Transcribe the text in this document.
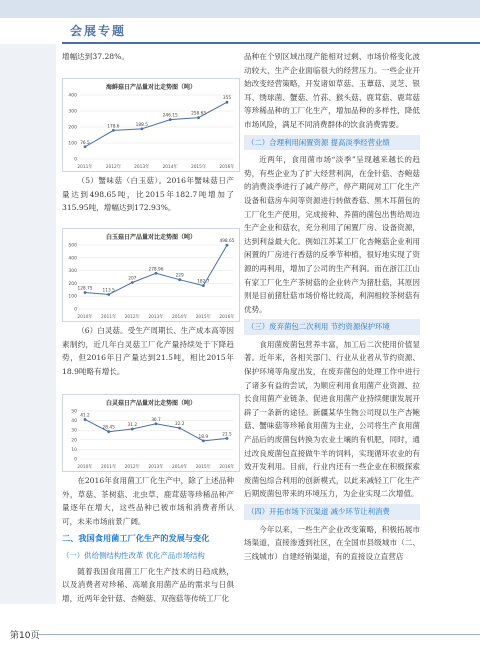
会展专题

增幅达到37.28%。

海鲜菇日产品量对比走势图（吨）
0
100
200
300
400
76.5
2011年
178.6
2012年
188.5
2013年
246.15
2014年
258.65
2015年
355
2016年

（5）蟹味菇（白玉菇）。2016年蟹味菇日产量达到498.65吨，比2015年182.7吨增加了315.95吨，增幅达到172.93%。

白玉菇日产品量对比走势图（吨）
0
100
200
300
400
500
128.75
2010年
113.5
2011年
207
2012年
278.96
2013年
229
2014年
182.7
2015年
498.65
2016年

（6）白灵菇。受生产周期长、生产成本高等因素制约，近几年白灵菇工厂化产量持续处于下降趋势，但2016年日产量达到21.5吨，相比2015年18.9吨略有增长。

白灵菇日产品量对比走势图（吨）
0
10
20
30
40
50
41.2
2010年
28.45
2011年
31.2
2012年
36.7
2013年
32.2
2014年
18.9
2015年
21.5
2016年

在2016年食用菌工厂化生产中，除了上述品种外，草菇、茶树菇、北虫草、鹿茸菇等珍稀品种产量逐年在增大，这些品种已被市场和消费者所认可，未来市场前景广阔。

二、我国食用菌工厂化生产的发展与变化
（一）供给侧结构性改革 优化产品市场结构

随着我国食用菌工厂化生产技术的日趋成熟，以及消费者对珍稀、高端食用菌产品的需求与日俱增，近两年金针菇、杏鲍菇、双孢菇等传统工厂化

品种在个别区域出现产能相对过剩、市场价格变化波动较大，生产企业面临很大的经营压力。一些企业开始改变经营策略，开发诸如草菇、玉蕈菇、灵芝、银耳、绣球菌、蟹菇、竹荪、猴头菇、鹿茸菇、鹿茸菇等珍稀品种的工厂化生产，增加品种的多样性，降低市场风险，满足不同消费群体的饮食消费需要。

（二）合理利用闲置资源 提高淡季经营业绩

近两年，食用菌市场“淡季”呈现越来越长的趋势，有些企业为了扩大经营利润，在金针菇、杏鲍菇的消费淡季进行了减产停产，停产期间对工厂化生产设备和菇房车间等资源进行转做香菇、黑木耳菌包的工厂化生产使用，完成接种、养菌的菌包出售给周边生产企业和菇农，充分利用了闲置厂房、设备资源，达到利益最大化。例如江苏某工厂化杏鲍菇企业利用闲置的厂房进行香菇的反季节种植，很好地实现了资源的再利用，增加了公司的生产利润。而在浙江江山有家工厂化生产茶树菇的企业转产为猪肚菇，其原因则是目前猪肚菇市场价格比较高，利润相较茶树菇有优势。

（三）废弃菌包二次利用 节约资源保护环境

食用菌废菌包营养丰富，加工后二次使用价值显著。近年来，各相关部门、行业从业者从节约资源、保护环境等角度出发，在废弃菌包的处理工作中进行了诸多有益的尝试，为顺应利用食用菌产业资源、拉长食用菌产业链条、促进食用菌产业持续健康发展开辟了一条新的途径。新疆某华生物公司现以生产杏鲍菇、蟹味菇等珍稀食用菌为主业，公司将生产食用菌产品后的废菌包转换为农业土壤的有机肥，同时，通过改良废菌包直接做牛羊的饲料，实现循环农业的有效开发利用。目前，行业内还有一些企业在积极探索废菌包综合利用的创新模式，以此来减轻工厂化生产后期废菌包带来的环境压力，为企业实现二次增值。

（四）开拓市场下沉渠道 减少环节让利消费

今年以来，一些生产企业改变策略，积极拓展市场渠道，直接渗透到社区，在全国市县级城市（二、三线城市）自建经销渠道，有的直接设立直营店

第10页
